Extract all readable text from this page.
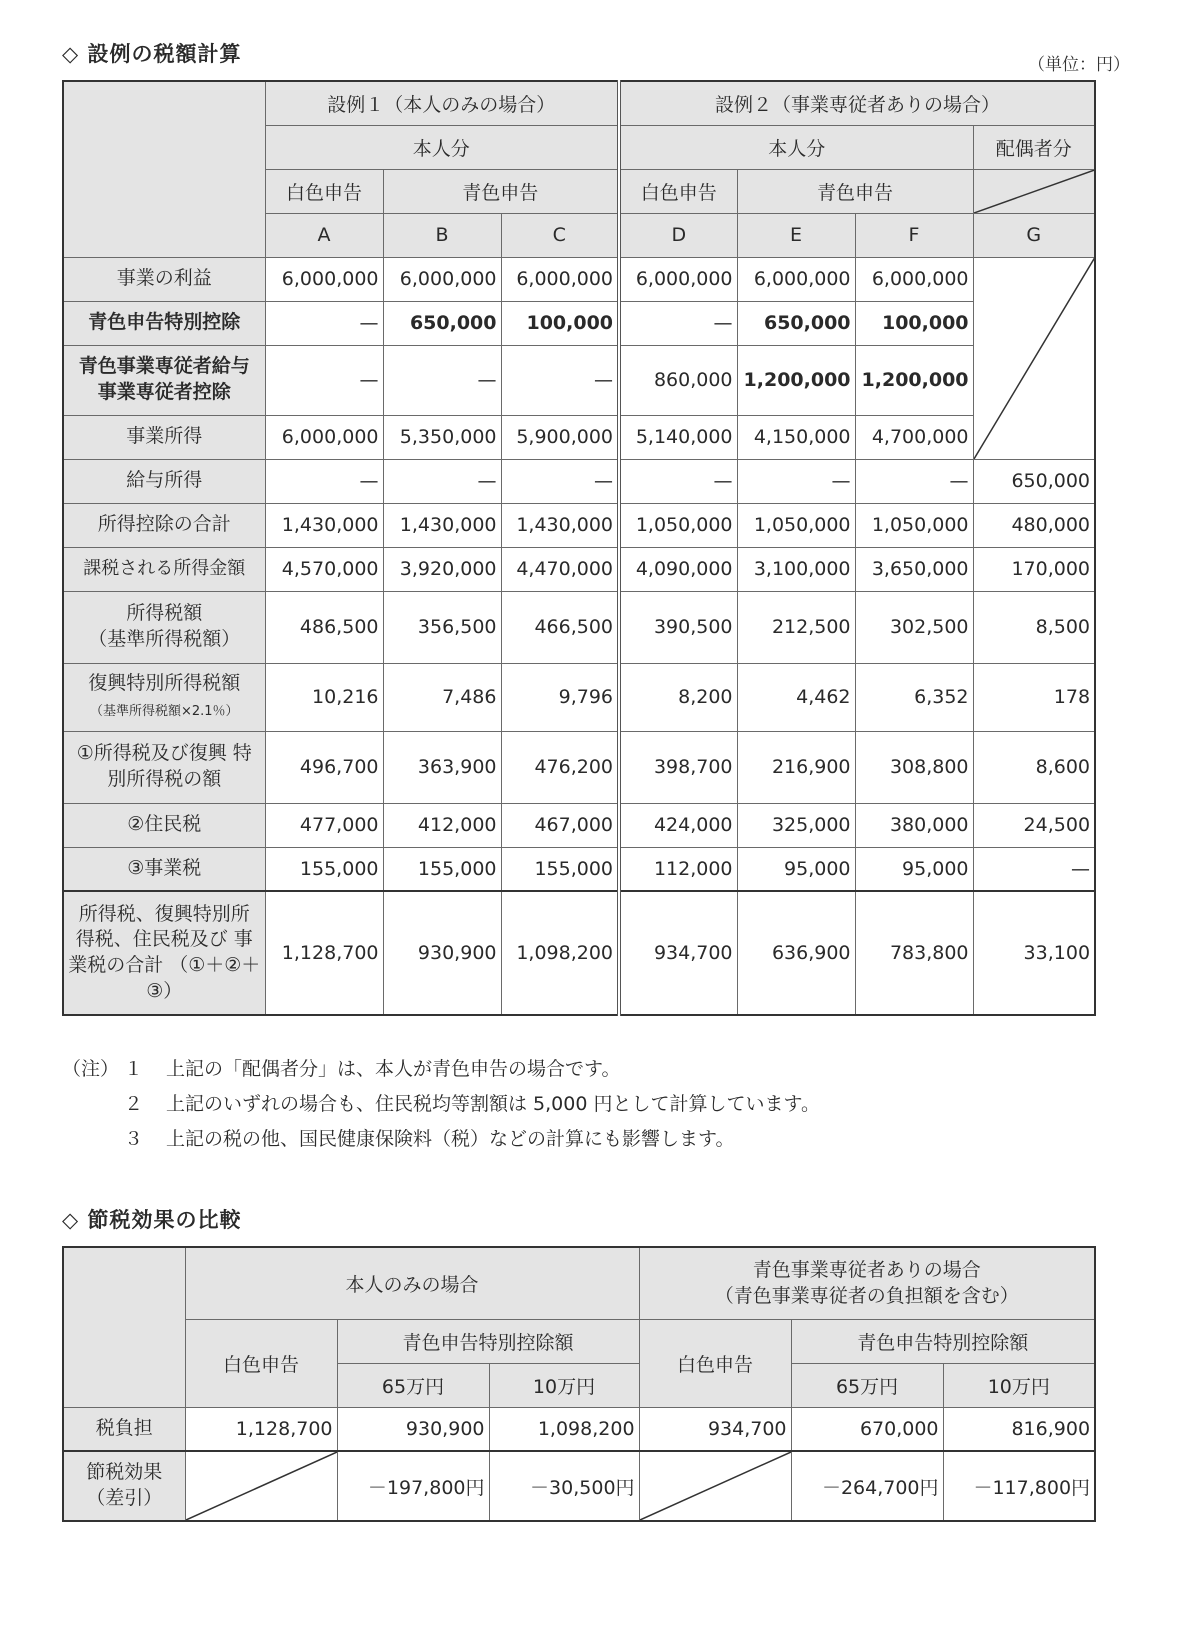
◇ 設例の税額計算	（単位：円）
	設例１（本人のみの場合）			設例２（事業専従者ありの場合）			
	本人分			本人分			配偶者分
	白色申告	青色申告		白色申告	青色申告	

	A	B	C	D	E	F	G
事業の利益	6,000,000	6,000,000	6,000,000	6,000,000	6,000,000	6,000,000	

青色申告特別控除	—	650,000	100,000	—	650,000	100,000	
青色事業専従者給与 事業専従者控除	—	—	—	860,000	1,200,000	1,200,000	
事業所得	6,000,000	5,350,000	5,900,000	5,140,000	4,150,000	4,700,000	
給与所得	—	—	—	—	—	—	650,000
所得控除の合計	1,430,000	1,430,000	1,430,000	1,050,000	1,050,000	1,050,000	480,000
課税される所得金額	4,570,000	3,920,000	4,470,000	4,090,000	3,100,000	3,650,000	170,000
所得税額
（基準所得税額）	486,500	356,500	466,500	390,500	212,500	302,500	8,500
復興特別所得税額
（基準所得税額×2.1％）	10,216	7,486	9,796	8,200	4,462	6,352	178
①所得税及び復興 特別所得税の額	496,700	363,900	476,200	398,700	216,900	308,800	8,600
②住民税	477,000	412,000	467,000	424,000	325,000	380,000	24,500
③事業税	155,000	155,000	155,000	112,000	95,000	95,000	—
所得税、復興特別所 得税、住民税及び 事業税の合計 （①＋②＋③）	1,128,700	930,900	1,098,200	934,700	636,900	783,800	33,100
（注） １	上記の「配偶者分」は、本人が青色申告の場合です。
２	上記のいずれの場合も、住民税均等割額は 5,000 円として計算しています。
３	上記の税の他、国民健康保険料（税）などの計算にも影響します。
◇ 節税効果の比較
	本人のみの場合			青色事業専従者ありの場合
（青色事業専従者の負担額を含む）		
	白色申告	青色申告特別控除額		白色申告	青色申告特別控除額	
		65万円	10万円		65万円	10万円
税負担	1,128,700	930,900	1,098,200	934,700	670,000	816,900
節税効果
（差引）		－197,800円	－30,500円		－264,700円	－117,800円
